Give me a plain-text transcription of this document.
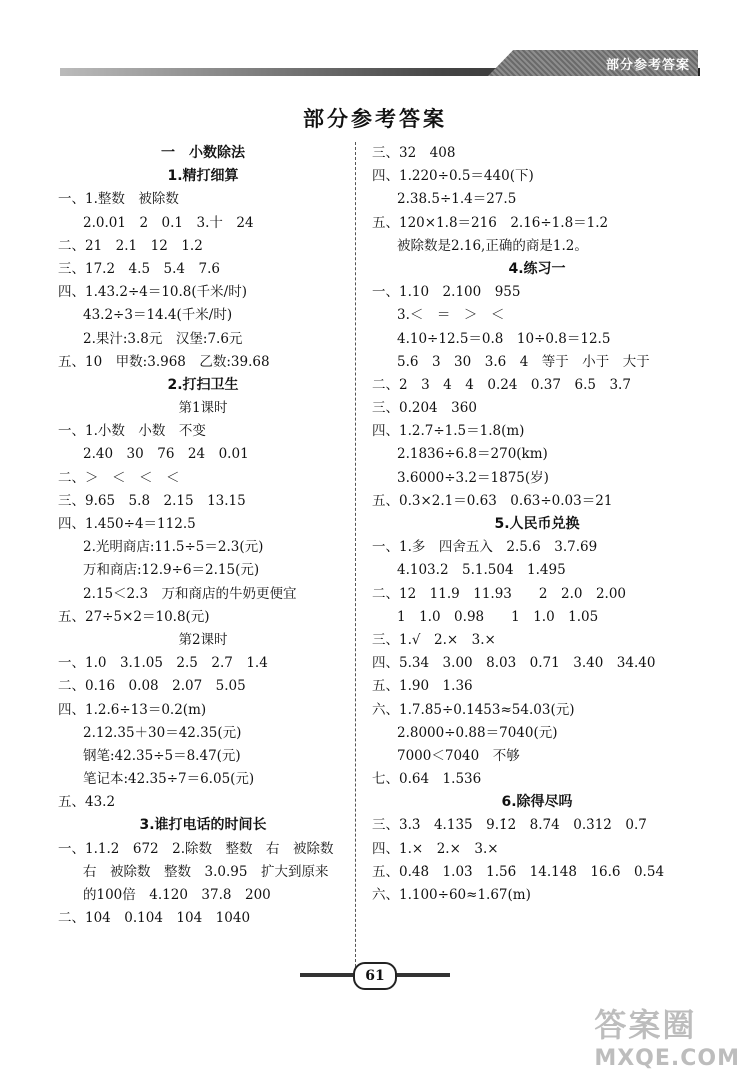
部分参考答案
部分参考答案
一　小数除法
1.精打细算
一、1.整数　被除数
2.0.01　2　0.1　3.十　24
二、21　2.1　12　1.2
三、17.2　4.5　5.4　7.6
四、1.43.2÷4＝10.8(千米/时)
43.2÷3＝14.4(千米/时)
2.果汁:3.8元　汉堡:7.6元
五、10　甲数:3.968　乙数:39.68
2.打扫卫生
第1课时
一、1.小数　小数　不变
2.40　30　76　24　0.01
二、＞　＜　＜　＜
三、9.65　5.8　2.15　13.15
四、1.450÷4＝112.5
2.光明商店:11.5÷5＝2.3(元)
万和商店:12.9÷6＝2.15(元)
2.15＜2.3　万和商店的牛奶更便宜
五、27÷5×2＝10.8(元)
第2课时
一、1.0　3.1.05　2.5　2.7　1.4
二、0.16　0.08　2.07　5.05
四、1.2.6÷13＝0.2(m)
2.12.35＋30＝42.35(元)
钢笔:42.35÷5＝8.47(元)
笔记本:42.35÷7＝6.05(元)
五、43.2
3.谁打电话的时间长
一、1.1.2　672　2.除数　整数　右　被除数
右　被除数　整数　3.0.95　扩大到原来
的100倍　4.120　37.8　200
二、104　0.104　104　1040
三、32　408
四、1.220÷0.5＝440(下)
2.38.5÷1.4＝27.5
五、120×1.8＝216　2.16÷1.8＝1.2
被除数是2.16,正确的商是1.2。
4.练习一
一、1.10　2.100　955
3.＜　＝　＞　＜
4.10÷12.5＝0.8　10÷0.8＝12.5
5.6　3　30　3.6　4　等于　小于　大于
二、2　3　4　4　0.24　0.37　6.5　3.7
三、0.204　360
四、1.2.7÷1.5＝1.8(m)
2.1836÷6.8＝270(km)
3.6000÷3.2＝1875(岁)
五、0.3×2.1＝0.63　0.63÷0.03＝21
5.人民币兑换
一、1.多　四舍五入　2.5.6　3.7.69
4.103.2　5.1.504　1.495
二、12　11.9　11.93　　2　2.0　2.00
1　1.0　0.98　　1　1.0　1.05
三、1.√　2.×　3.×
四、5.34　3.00　8.03　0.71　3.40　34.40
五、1.90　1.36
六、1.7.85÷0.1453≈54.03(元)
2.8000÷0.88＝7040(元)
7000＜7040　不够
七、0.64　1.536
6.除得尽吗
三、3.3̇　4.13̇5̇　9.1̇2̇　8.7̇4̇　0.3̇12̇　0.7̇
四、1.×　2.×　3.×
五、0.48̇　1.03̇　1.56̇　14.14̇8̇　16.6̇　0.5̇4̇
六、1.100÷60≈1.67(m)
61
答案圈
MXQE.COM
